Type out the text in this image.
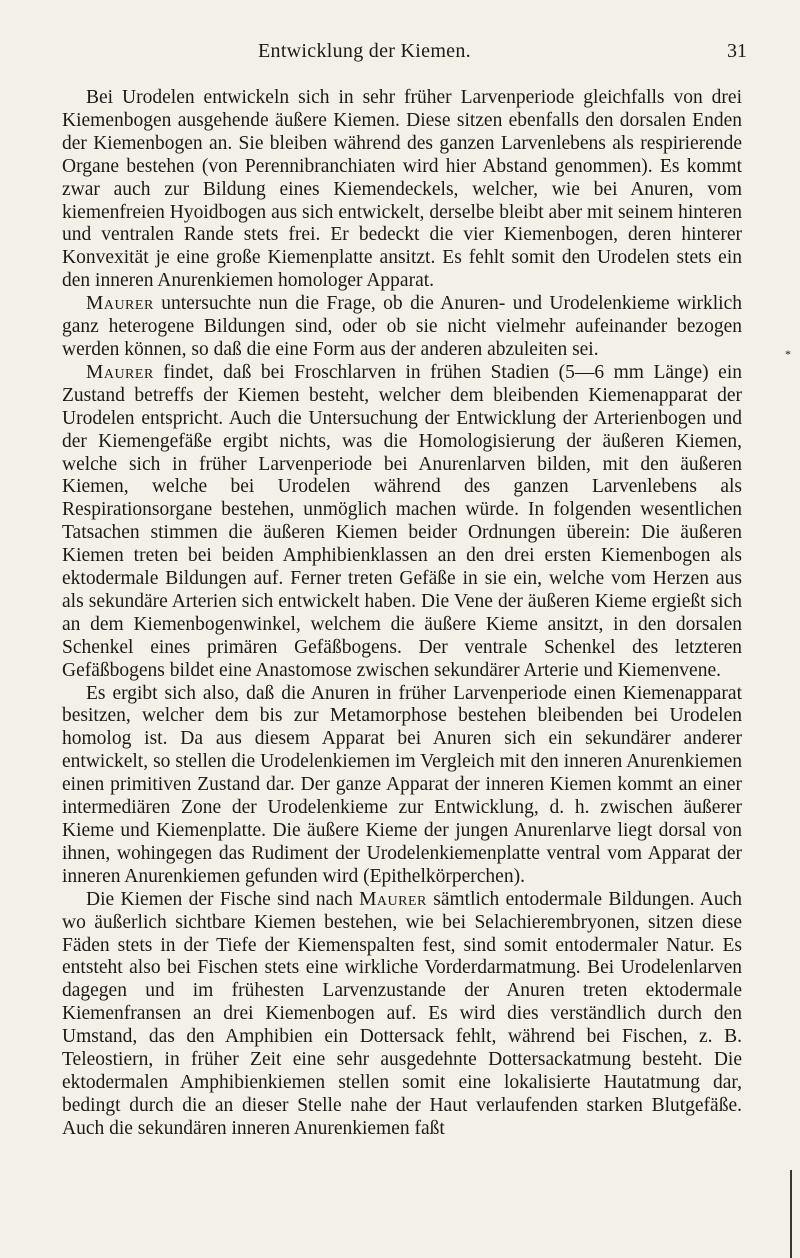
Entwicklung der Kiemen.	31

Bei Urodelen entwickeln sich in sehr früher Larvenperiode gleichfalls von drei Kiemenbogen ausgehende äußere Kiemen. Diese sitzen ebenfalls den dorsalen Enden der Kiemenbogen an. Sie bleiben während des ganzen Larvenlebens als respirierende Organe bestehen (von Perennibranchiaten wird hier Abstand genommen). Es kommt zwar auch zur Bildung eines Kiemendeckels, welcher, wie bei Anuren, vom kiemenfreien Hyoidbogen aus sich entwickelt, derselbe bleibt aber mit seinem hinteren und ventralen Rande stets frei. Er bedeckt die vier Kiemenbogen, deren hinterer Konvexität je eine große Kiemenplatte ansitzt. Es fehlt somit den Urodelen stets ein den inneren Anurenkiemen homologer Apparat.

Maurer untersuchte nun die Frage, ob die Anuren- und Urodelenkieme wirklich ganz heterogene Bildungen sind, oder ob sie nicht vielmehr aufeinander bezogen werden können, so daß die eine Form aus der anderen abzuleiten sei.

Maurer findet, daß bei Froschlarven in frühen Stadien (5—6 mm Länge) ein Zustand betreffs der Kiemen besteht, welcher dem bleibenden Kiemenapparat der Urodelen entspricht. Auch die Untersuchung der Entwicklung der Arterienbogen und der Kiemengefäße ergibt nichts, was die Homologisierung der äußeren Kiemen, welche sich in früher Larvenperiode bei Anurenlarven bilden, mit den äußeren Kiemen, welche bei Urodelen während des ganzen Larvenlebens als Respirationsorgane bestehen, unmöglich machen würde. In folgenden wesentlichen Tatsachen stimmen die äußeren Kiemen beider Ordnungen überein: Die äußeren Kiemen treten bei beiden Amphibienklassen an den drei ersten Kiemenbogen als ektodermale Bildungen auf. Ferner treten Gefäße in sie ein, welche vom Herzen aus als sekundäre Arterien sich entwickelt haben. Die Vene der äußeren Kieme ergießt sich an dem Kiemenbogenwinkel, welchem die äußere Kieme ansitzt, in den dorsalen Schenkel eines primären Gefäßbogens. Der ventrale Schenkel des letzteren Gefäßbogens bildet eine Anastomose zwischen sekundärer Arterie und Kiemenvene.

Es ergibt sich also, daß die Anuren in früher Larvenperiode einen Kiemenapparat besitzen, welcher dem bis zur Metamorphose bestehen bleibenden bei Urodelen homolog ist. Da aus diesem Apparat bei Anuren sich ein sekundärer anderer entwickelt, so stellen die Urodelenkiemen im Vergleich mit den inneren Anurenkiemen einen primitiven Zustand dar. Der ganze Apparat der inneren Kiemen kommt an einer intermediären Zone der Urodelenkieme zur Entwicklung, d. h. zwischen äußerer Kieme und Kiemenplatte. Die äußere Kieme der jungen Anurenlarve liegt dorsal von ihnen, wohingegen das Rudiment der Urodelenkiemenplatte ventral vom Apparat der inneren Anurenkiemen gefunden wird (Epithelkörperchen).

Die Kiemen der Fische sind nach Maurer sämtlich entodermale Bildungen. Auch wo äußerlich sichtbare Kiemen bestehen, wie bei Selachierembryonen, sitzen diese Fäden stets in der Tiefe der Kiemenspalten fest, sind somit entodermaler Natur. Es entsteht also bei Fischen stets eine wirkliche Vorderdarmatmung. Bei Urodelenlarven dagegen und im frühesten Larvenzustande der Anuren treten ektodermale Kiemenfransen an drei Kiemenbogen auf. Es wird dies verständlich durch den Umstand, das den Amphibien ein Dottersack fehlt, während bei Fischen, z. B. Teleostiern, in früher Zeit eine sehr ausgedehnte Dottersackatmung besteht. Die ektodermalen Amphibienkiemen stellen somit eine lokalisierte Hautatmung dar, bedingt durch die an dieser Stelle nahe der Haut verlaufenden starken Blutgefäße. Auch die sekundären inneren Anurenkiemen faßt

*
